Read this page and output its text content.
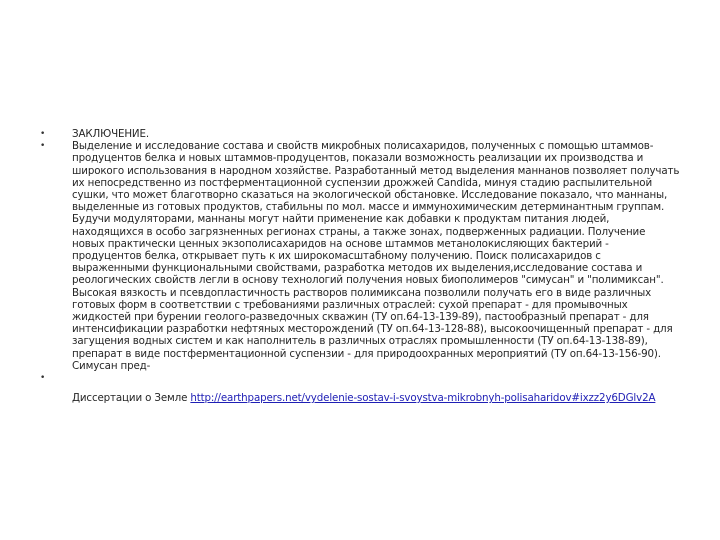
•	ЗАКЛЮЧЕНИЕ.
•	Выделение и исследование состава и свойств микробных полисахаридов, полученных с помощью штаммов-продуцентов белка и новых штаммов-продуцентов, показали возможность реализации их производства и широкого использования в народном хозяйстве. Разработанный метод выделения маннанов позволяет получать их непосредственно из постферментационной суспензии дрожжей Candida, минуя стадию распылительной сушки, что может благотворно сказаться на экологической обстановке. Исследование показало, что маннаны, выделенные из готовых продуктов, стабильны по мол. массе и иммунохимическим детерминантным группам. Будучи модуляторами, маннаны могут найти применение как добавки к продуктам питания людей, находящихся в особо загрязненных регионах страны, а также зонах, подверженных радиации. Получение новых практически ценных экзополисахаридов на основе штаммов метанолокисляющих бактерий - продуцентов белка, открывает путь к их широкомасштабному получению. Поиск полисахаридов с выраженными функциональными свойствами, разработка методов их выделения,исследование состава и реологических свойств легли в основу технологий получения новых биополимеров "симусан" и "полимиксан". Высокая вязкость и псевдопластичность растворов полимиксана позволили получать его в виде различных готовых форм в соответствии с требованиями различных отраслей: сухой препарат - для промывочных жидкостей при бурении геолого-разведочных скважин (ТУ оп.64-13-139-89), пастообразный препарат - для интенсификации разработки нефтяных месторождений (ТУ оп.64-13-128-88), высокоочищенный препарат - для загущения водных систем и как наполнитель в различных отраслях промышленности (ТУ оп.64-13-138-89), препарат в виде постферментационной суспензии - для природоохранных мероприятий (ТУ оп.64-13-156-90). Симусан пред-
•
Диссертации о Земле http://earthpapers.net/vydelenie-sostav-i-svoystva-mikrobnyh-polisaharidov#ixzz2y6DGlv2A
